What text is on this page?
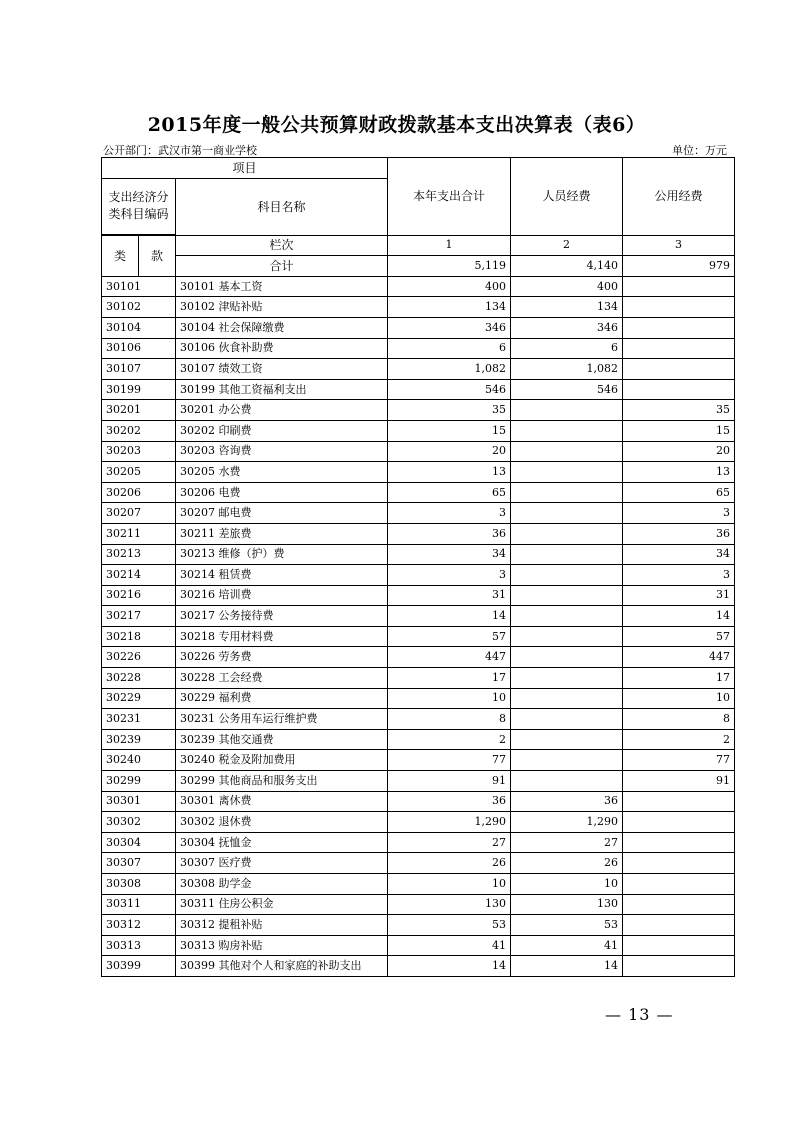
2015年度一般公共预算财政拨款基本支出决算表（表6）
公开部门：武汉市第一商业学校	单位：万元
项目			本年支出合计	人员经费	公用经费
支出经济分类科目编码		科目名称			

类	款	栏次	1	2	3
		合计	5,119	4,140	979
30101		30101 基本工资	400	400	
30102		30102 津贴补贴	134	134	
30104		30104 社会保障缴费	346	346	
30106		30106 伙食补助费	6	6	
30107		30107 绩效工资	1,082	1,082	
30199		30199 其他工资福利支出	546	546	
30201		30201 办公费	35		35
30202		30202 印刷费	15		15
30203		30203 咨询费	20		20
30205		30205 水费	13		13
30206		30206 电费	65		65
30207		30207 邮电费	3		3
30211		30211 差旅费	36		36
30213		30213 维修（护）费	34		34
30214		30214 租赁费	3		3
30216		30216 培训费	31		31
30217		30217 公务接待费	14		14
30218		30218 专用材料费	57		57
30226		30226 劳务费	447		447
30228		30228 工会经费	17		17
30229		30229 福利费	10		10
30231		30231 公务用车运行维护费	8		8
30239		30239 其他交通费	2		2
30240		30240 税金及附加费用	77		77
30299		30299 其他商品和服务支出	91		91
30301		30301 离休费	36	36	
30302		30302 退休费	1,290	1,290	
30304		30304 抚恤金	27	27	
30307		30307 医疗费	26	26	
30308		30308 助学金	10	10	
30311		30311 住房公积金	130	130	
30312		30312 提租补贴	53	53	
30313		30313 购房补贴	41	41	
30399		30399 其他对个人和家庭的补助支出	14	14	
— 13 —
